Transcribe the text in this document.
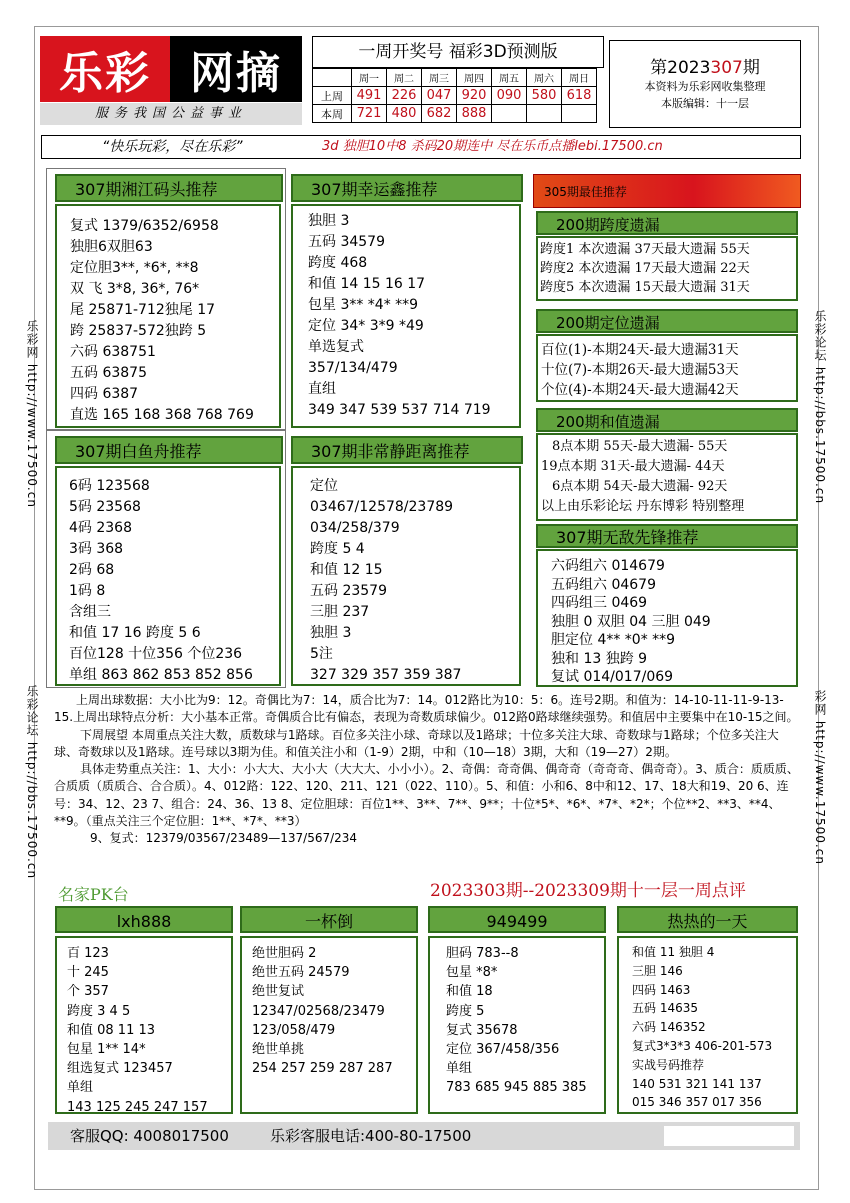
乐彩 网摘
服务我国公益事业
一周开奖号 福彩3D预测版
	周一	周二	周三	周四	周五	周六	周日
上周	491	226	047	920	090	580	618
本周	721	480	682	888			
第2023307期
本资料为乐彩网收集整理
本版编辑：十一层
“快乐玩彩，尽在乐彩”	3d 独胆10中8 杀码20期连中 尽在乐币点播lebi.17500.cn
乐彩网 http://www.17500.cn
乐彩论坛 http://bbs.17500.cn
乐彩论坛 http://bbs.17500.cn
彩网 http://www.17500.cn
307期湘江码头推荐
复式 1379/6352/6958
独胆6双胆63
定位胆3**, *6*, **8
双 飞 3*8, 36*, 76*
尾 25871-712独尾 17
跨 25837-572独跨 5
六码 638751
五码 63875
四码 6387
直选 165 168 368 768 769
307期幸运鑫推荐
独胆 3
五码 34579
跨度 468
和值 14 15 16 17
包星 3** *4* **9
定位 34* 3*9 *49
单选复式
357/134/479
直组
349 347 539 537 714 719
307期白鱼舟推荐
6码 123568
5码 23568
4码 2368
3码 368
2码 68
1码 8
含组三
和值 17 16 跨度 5 6
百位128 十位356 个位236
单组 863 862 853 852 856
307期非常静距离推荐
定位
03467/12578/23789
034/258/379
跨度 5 4
和值 12 15
五码 23579
三胆 237
独胆 3
5注
327 329 357 359 387
305期最佳推荐
200期跨度遗漏
跨度1 本次遗漏 37天最大遗漏 55天
跨度2 本次遗漏 17天最大遗漏 22天
跨度5 本次遗漏 15天最大遗漏 31天
200期定位遗漏
百位(1)-本期24天-最大遗漏31天
十位(7)-本期26天-最大遗漏53天
个位(4)-本期24天-最大遗漏42天
200期和值遗漏
8点本期 55天-最大遗漏- 55天
19点本期 31天-最大遗漏- 44天
6点本期 54天-最大遗漏- 92天
以上由乐彩论坛 丹东博彩 特别整理
307期无敌先锋推荐
六码组六 014679
五码组六 04679
四码组三 0469
独胆 0 双胆 04 三胆 049
胆定位 4** *0* **9
独和 13 独跨 9
复试 014/017/069

上周出球数据：大小比为9：12。奇偶比为7：14，质合比为7：14。012路比为10：5：6。连号2期。和值为：14-10-11-11-9-13-15.上周出球特点分析：大小基本正常。奇偶质合比有偏态，表现为奇数质球偏少。012路0路球继续强势。和值居中主要集中在10-15之间。

下周展望 本周重点关注大数，质数球与1路球。百位多关注小球、奇球以及1路球；十位多关注大球、奇数球与1路球；个位多关注大球、奇数球以及1路球。连号球以3期为佳。和值关注小和（1-9）2期，中和（10—18）3期，大和（19—27）2期。

具体走势重点关注：1、大小：小大大、大小大（大大大、小小小）。2、奇偶：奇奇偶、偶奇奇（奇奇奇、偶奇奇）。3、质合：质质质、合质质（质质合、合合质）。4、012路：122、120、211、121（022、110）。5、和值：小和6、8中和12、17、18大和19、20 6、连号：34、12、23 7、组合：24、36、13 8、定位胆球：百位1**、3**、7**、9**；十位*5*、*6*、*7*、*2*；个位**2、**3、**4、**9。（重点关注三个定位胆：1**、*7*、**3）

9、复式：12379/03567/23489—137/567/234

名家PK台	2023303期--2023309期十一层一周点评
lxh888
百 123
十 245
个 357
跨度 3 4 5
和值 08 11 13
包星 1** 14*
组选复式 123457
单组
143 125 245 247 157
一杯倒
绝世胆码 2
绝世五码 24579
绝世复试
12347/02568/23479
123/058/479
绝世单挑
254 257 259 287 287
949499
胆码 783--8
包星 *8*
和值 18
跨度 5
复式 35678
定位 367/458/356
单组
783 685 945 885 385
热热的一天
和值 11 独胆 4
三胆 146
四码 1463
五码 14635
六码 146352
复式3*3*3 406-201-573
实战号码推荐
140 531 321 141 137
015 346 357 017 356
客服QQ: 4008017500	乐彩客服电话:400-80-17500
